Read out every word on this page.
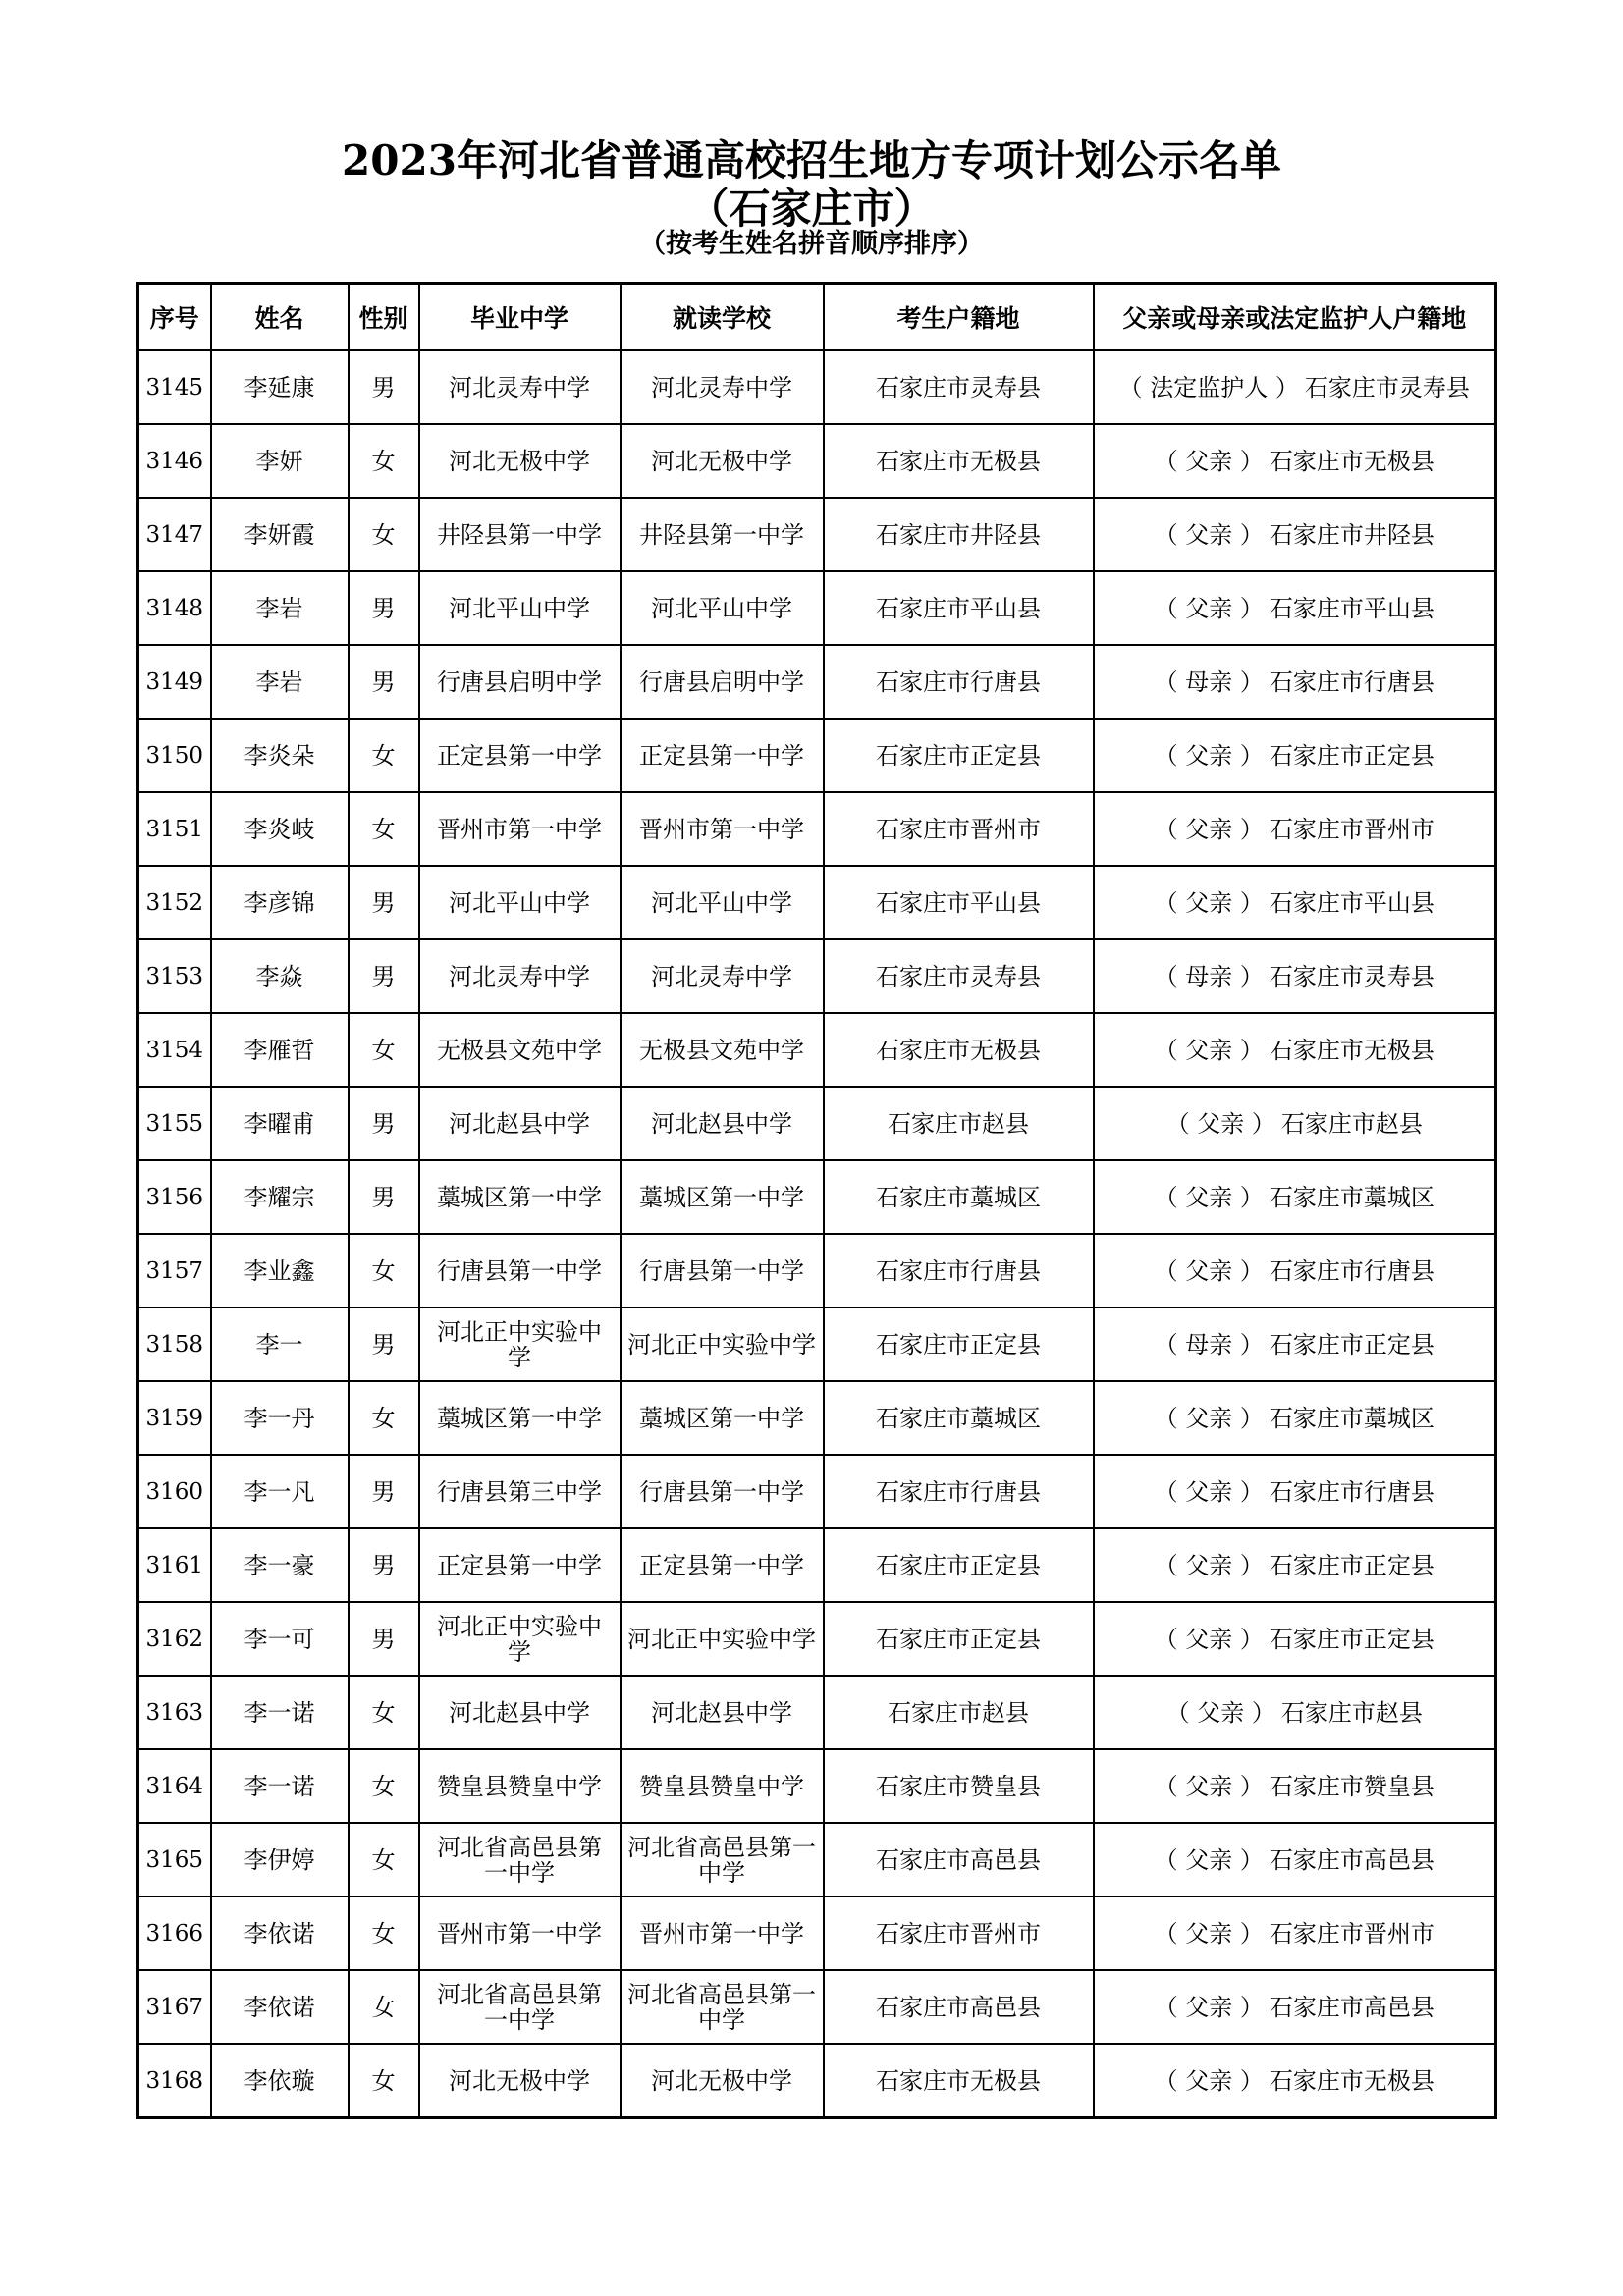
2023年河北省普通高校招生地方专项计划公示名单
（石家庄市）
（按考生姓名拼音顺序排序）
序号	姓名	性别	毕业中学	就读学校	考生户籍地	父亲或母亲或法定监护人户籍地
3145	李延康	男	河北灵寿中学	河北灵寿中学	石家庄市灵寿县	（ 法定监护人 ） 石家庄市灵寿县
3146	李妍	女	河北无极中学	河北无极中学	石家庄市无极县	（ 父亲 ） 石家庄市无极县
3147	李妍霞	女	井陉县第一中学	井陉县第一中学	石家庄市井陉县	（ 父亲 ） 石家庄市井陉县
3148	李岩	男	河北平山中学	河北平山中学	石家庄市平山县	（ 父亲 ） 石家庄市平山县
3149	李岩	男	行唐县启明中学	行唐县启明中学	石家庄市行唐县	（ 母亲 ） 石家庄市行唐县
3150	李炎朵	女	正定县第一中学	正定县第一中学	石家庄市正定县	（ 父亲 ） 石家庄市正定县
3151	李炎岐	女	晋州市第一中学	晋州市第一中学	石家庄市晋州市	（ 父亲 ） 石家庄市晋州市
3152	李彦锦	男	河北平山中学	河北平山中学	石家庄市平山县	（ 父亲 ） 石家庄市平山县
3153	李焱	男	河北灵寿中学	河北灵寿中学	石家庄市灵寿县	（ 母亲 ） 石家庄市灵寿县
3154	李雁哲	女	无极县文苑中学	无极县文苑中学	石家庄市无极县	（ 父亲 ） 石家庄市无极县
3155	李曜甫	男	河北赵县中学	河北赵县中学	石家庄市赵县	（ 父亲 ） 石家庄市赵县
3156	李耀宗	男	藁城区第一中学	藁城区第一中学	石家庄市藁城区	（ 父亲 ） 石家庄市藁城区
3157	李业鑫	女	行唐县第一中学	行唐县第一中学	石家庄市行唐县	（ 父亲 ） 石家庄市行唐县
3158	李一	男	河北正中实验中学	河北正中实验中学	石家庄市正定县	（ 母亲 ） 石家庄市正定县
3159	李一丹	女	藁城区第一中学	藁城区第一中学	石家庄市藁城区	（ 父亲 ） 石家庄市藁城区
3160	李一凡	男	行唐县第三中学	行唐县第一中学	石家庄市行唐县	（ 父亲 ） 石家庄市行唐县
3161	李一豪	男	正定县第一中学	正定县第一中学	石家庄市正定县	（ 父亲 ） 石家庄市正定县
3162	李一可	男	河北正中实验中学	河北正中实验中学	石家庄市正定县	（ 父亲 ） 石家庄市正定县
3163	李一诺	女	河北赵县中学	河北赵县中学	石家庄市赵县	（ 父亲 ） 石家庄市赵县
3164	李一诺	女	赞皇县赞皇中学	赞皇县赞皇中学	石家庄市赞皇县	（ 父亲 ） 石家庄市赞皇县
3165	李伊婷	女	河北省高邑县第一中学	河北省高邑县第一中学	石家庄市高邑县	（ 父亲 ） 石家庄市高邑县
3166	李依诺	女	晋州市第一中学	晋州市第一中学	石家庄市晋州市	（ 父亲 ） 石家庄市晋州市
3167	李依诺	女	河北省高邑县第一中学	河北省高邑县第一中学	石家庄市高邑县	（ 父亲 ） 石家庄市高邑县
3168	李依璇	女	河北无极中学	河北无极中学	石家庄市无极县	（ 父亲 ） 石家庄市无极县
